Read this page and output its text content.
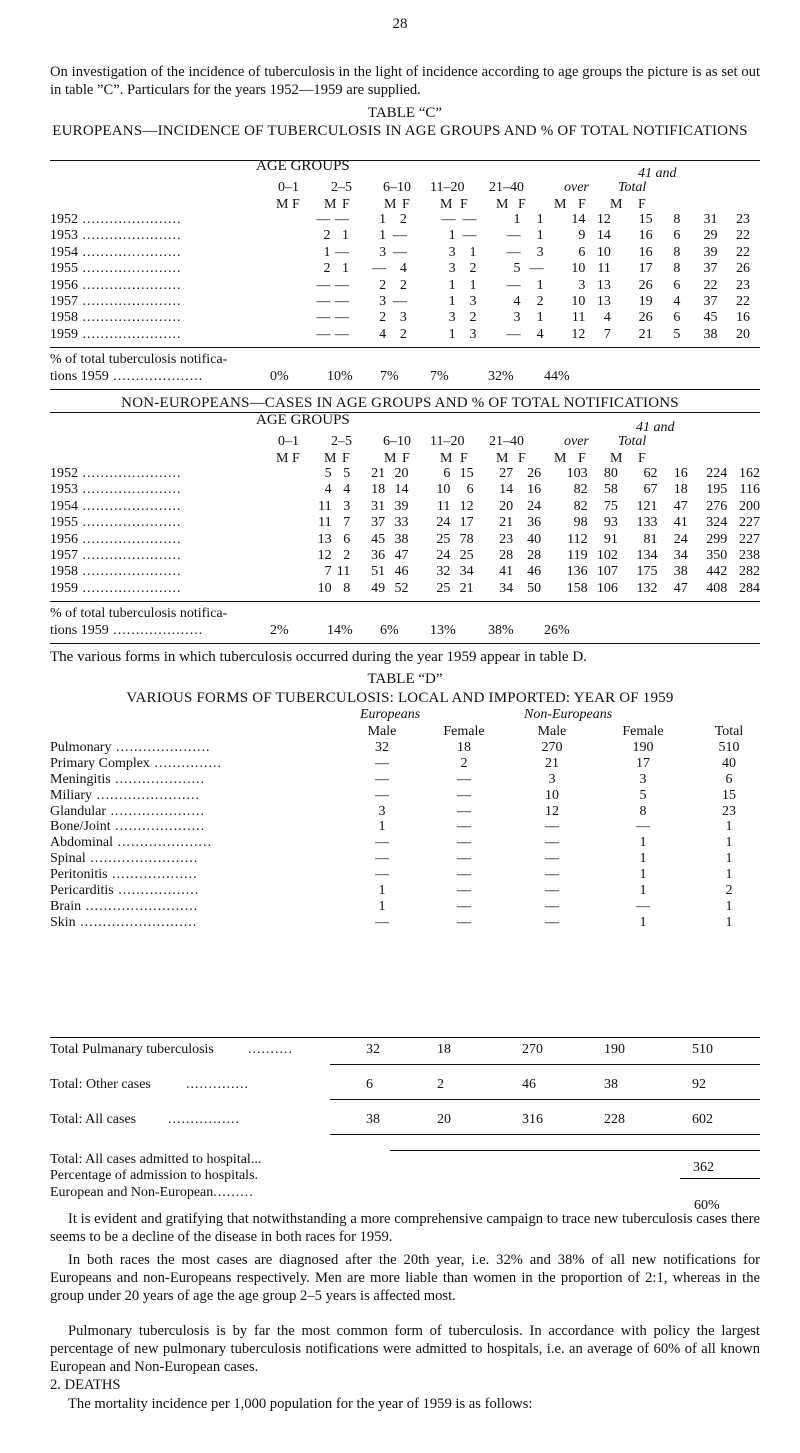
28

On investigation of the incidence of tuberculosis in the light of incidence according to age groups the picture is as set out in table ”C”. Particulars for the years 1952—1959 are supplied.

TABLE “C”
EUROPEANS—INCIDENCE OF TUBERCULOSIS IN AGE GROUPS AND % OF TOTAL NOTIFICATIONS
AGE GROUPS	41 and
0–1 2–5 6–10 11–20 21–40	over Total
M F M F M F M F M F M F M F
1952 ......................	—	—	1	2	—	—	1	1	14	12	15	8	31	23
1953 ......................	2	1	1	—	1	—	—	1	9	14	16	6	29	22
1954 ......................	1	—	3	—	3	1	—	3	6	10	16	8	39	22
1955 ......................	2	1	—	4	3	2	5	—	10	11	17	8	37	26
1956 ......................	—	—	2	2	1	1	—	1	3	13	26	6	22	23
1957 ......................	—	—	3	—	1	3	4	2	10	13	19	4	37	22
1958 ......................	—	—	2	3	3	2	3	1	11	4	26	6	45	16
1959 ......................	—	—	4	2	1	3	—	4	12	7	21	5	38	20
% of total tuberculosis notifica-
tions 1959 ....................	0%	10% 7% 7%	32% 44%
NON-EUROPEANS—CASES IN AGE GROUPS AND % OF TOTAL NOTIFICATIONS
AGE GROUPS	41 and
0–1 2–5 6–10 11–20 21–40	over Total
M F M F M F M F M F M F M F
1952 ......................	5	5	21	20	6	15	27	26	103	80	62	16	224	162
1953 ......................	4	4	18	14	10	6	14	16	82	58	67	18	195	116
1954 ......................	11	3	31	39	11	12	20	24	82	75	121	47	276	200
1955 ......................	11	7	37	33	24	17	21	36	98	93	133	41	324	227
1956 ......................	13	6	45	38	25	78	23	40	112	91	81	24	299	227
1957 ......................	12	2	36	47	24	25	28	28	119	102	134	34	350	238
1958 ......................	7	11	51	46	32	34	41	46	136	107	175	38	442	282
1959 ......................	10	8	49	52	25	21	34	50	158	106	132	47	408	284
% of total tuberculosis notifica-
tions 1959 ....................	2%	14% 6% 13% 38% 26%

The various forms in which tuberculosis occurred during the year 1959 appear in table D.

TABLE “D”
VARIOUS FORMS OF TUBERCULOSIS: LOCAL AND IMPORTED: YEAR OF 1959
Europeans	Non-Europeans
	Male	Female	Male	Female	Total
Pulmonary .....................	32	18	270	190	510
Primary Complex ...............	—	2	21	17	40
Meningitis ....................	—	—	3	3	6
Miliary .......................	—	—	10	5	15
Glandular .....................	3	—	12	8	23
Bone/Joint ....................	1	—	—	—	1
Abdominal .....................	—	—	—	1	1
Spinal ........................	—	—	—	1	1
Peritonitis ...................	—	—	—	1	1
Pericarditis ..................	1	—	—	1	2
Brain .........................	1	—	—	—	1
Skin ..........................	—	—	—	1	1
Total Pulmanary tuberculosis ..........	32	18	270	190	510
Total: Other cases	..............	6	2	46	38	92
Total: All cases ................	38	20	316	228	602
Total: All cases admitted to hospital...
362
Percentage of admission to hospitals.
European and Non-European.........
60%

It is evident and gratifying that notwithstanding a more comprehensive campaign to trace new tuberculosis cases there seems to be a decline of the disease in both races for 1959.

In both races the most cases are diagnosed after the 20th year, i.e. 32% and 38% of all new notifications for Europeans and non-Europeans respectively. Men are more liable than women in the proportion of 2:1, whereas in the group under 20 years of age the age group 2–5 years is affected most.

Pulmonary tuberculosis is by far the most common form of tuberculosis. In accordance with policy the largest percentage of new pulmonary tuberculosis notifications were admitted to hospitals, i.e. an average of 60% of all known European and Non-European cases.

2. DEATHS

The mortality incidence per 1,000 population for the year of 1959 is as follows:
